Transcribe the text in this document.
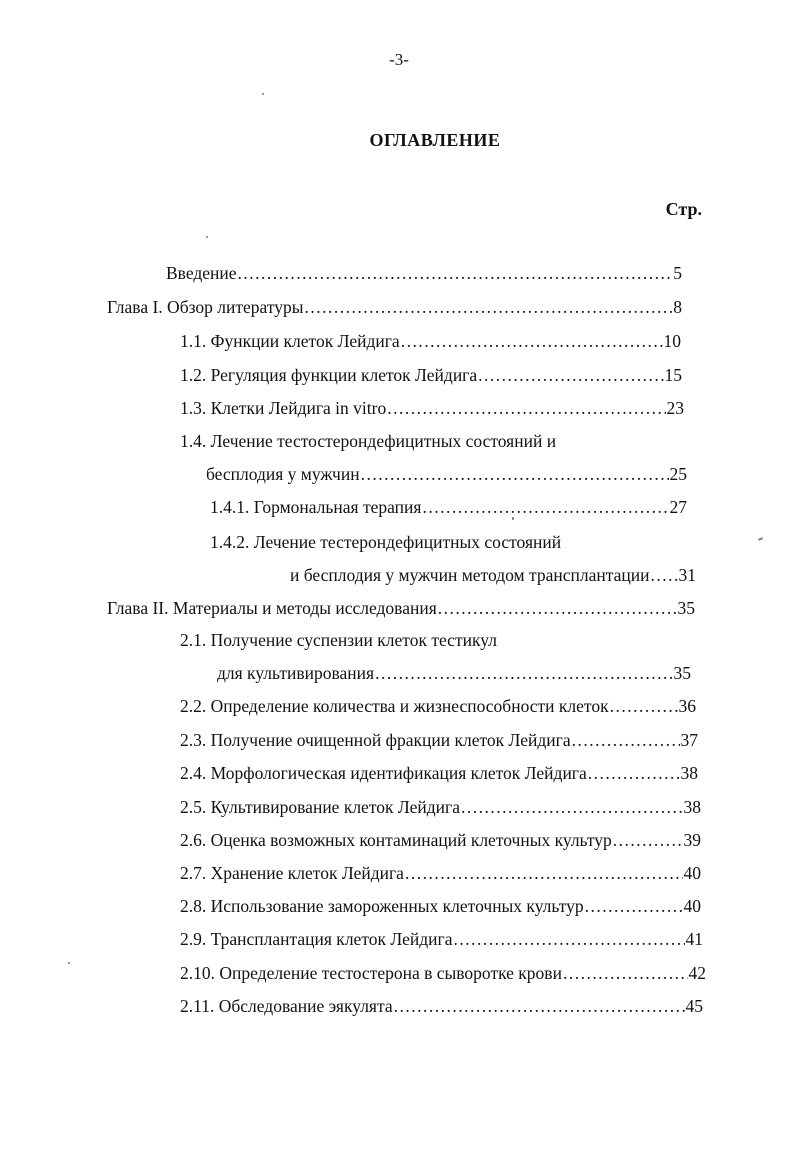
-3-
ОГЛАВЛЕНИЕ
Стр.
Введение .....	5
Глава I. Обзор литературы .....	8
1.1. Функции клеток Лейдига .....	10
1.2. Регуляция функции клеток Лейдига .....	15
1.3. Клетки Лейдига in vitro .....	23
1.4. Лечение тестостерондефицитных состояний и
бесплодия у мужчин .....	25
1.4.1. Гормональная терапия .....	27
1.4.2. Лечение тестерондефицитных состояний
и бесплодия у мужчин методом трансплантации ..... 31
Глава II. Материалы и методы исследования .....	35
2.1. Получение суспензии клеток тестикул
для культивирования .....	35
2.2. Определение количества и жизнеспособности клеток .....	36
2.3. Получение очищенной фракции клеток Лейдига .....	37
2.4. Морфологическая идентификация клеток Лейдига .....	38
2.5. Культивирование клеток Лейдига .....	38
2.6. Оценка возможных контаминаций клеточных культур .....	39
2.7. Хранение клеток Лейдига .....	40
2.8. Использование замороженных клеточных культур .....	40
2.9. Трансплантация клеток Лейдига .....	41
2.10. Определение тестостерона в сыворотке крови .....	42
2.11. Обследование эякулята .....	45
